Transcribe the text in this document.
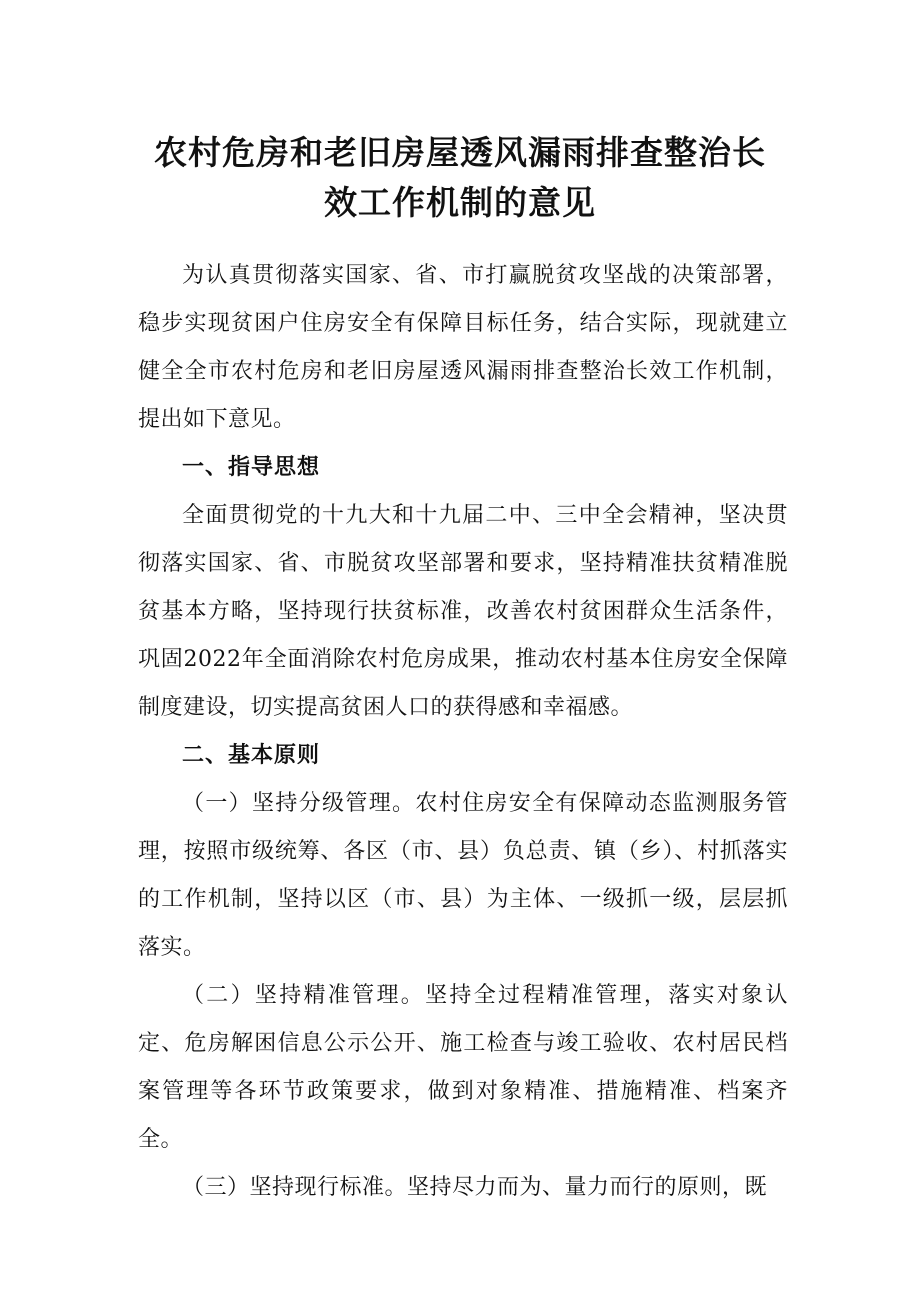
农村危房和老旧房屋透风漏雨排查整治长
效工作机制的意见

为认真贯彻落实国家、省、市打赢脱贫攻坚战的决策部署，稳步实现贫困户住房安全有保障目标任务，结合实际，现就建立健全全市农村危房和老旧房屋透风漏雨排查整治长效工作机制，提出如下意见。

一、指导思想

全面贯彻党的十九大和十九届二中、三中全会精神，坚决贯彻落实国家、省、市脱贫攻坚部署和要求，坚持精准扶贫精准脱贫基本方略，坚持现行扶贫标准，改善农村贫困群众生活条件，巩固2022年全面消除农村危房成果，推动农村基本住房安全保障制度建设，切实提高贫困人口的获得感和幸福感。

二、基本原则

（一）坚持分级管理。农村住房安全有保障动态监测服务管理，按照市级统筹、各区（市、县）负总责、镇（乡）、村抓落实的工作机制，坚持以区（市、县）为主体、一级抓一级，层层抓落实。

（二）坚持精准管理。坚持全过程精准管理，落实对象认定、危房解困信息公示公开、施工检查与竣工验收、农村居民档案管理等各环节政策要求，做到对象精准、措施精准、档案齐全。

（三）坚持现行标准。坚持尽力而为、量力而行的原则，既
